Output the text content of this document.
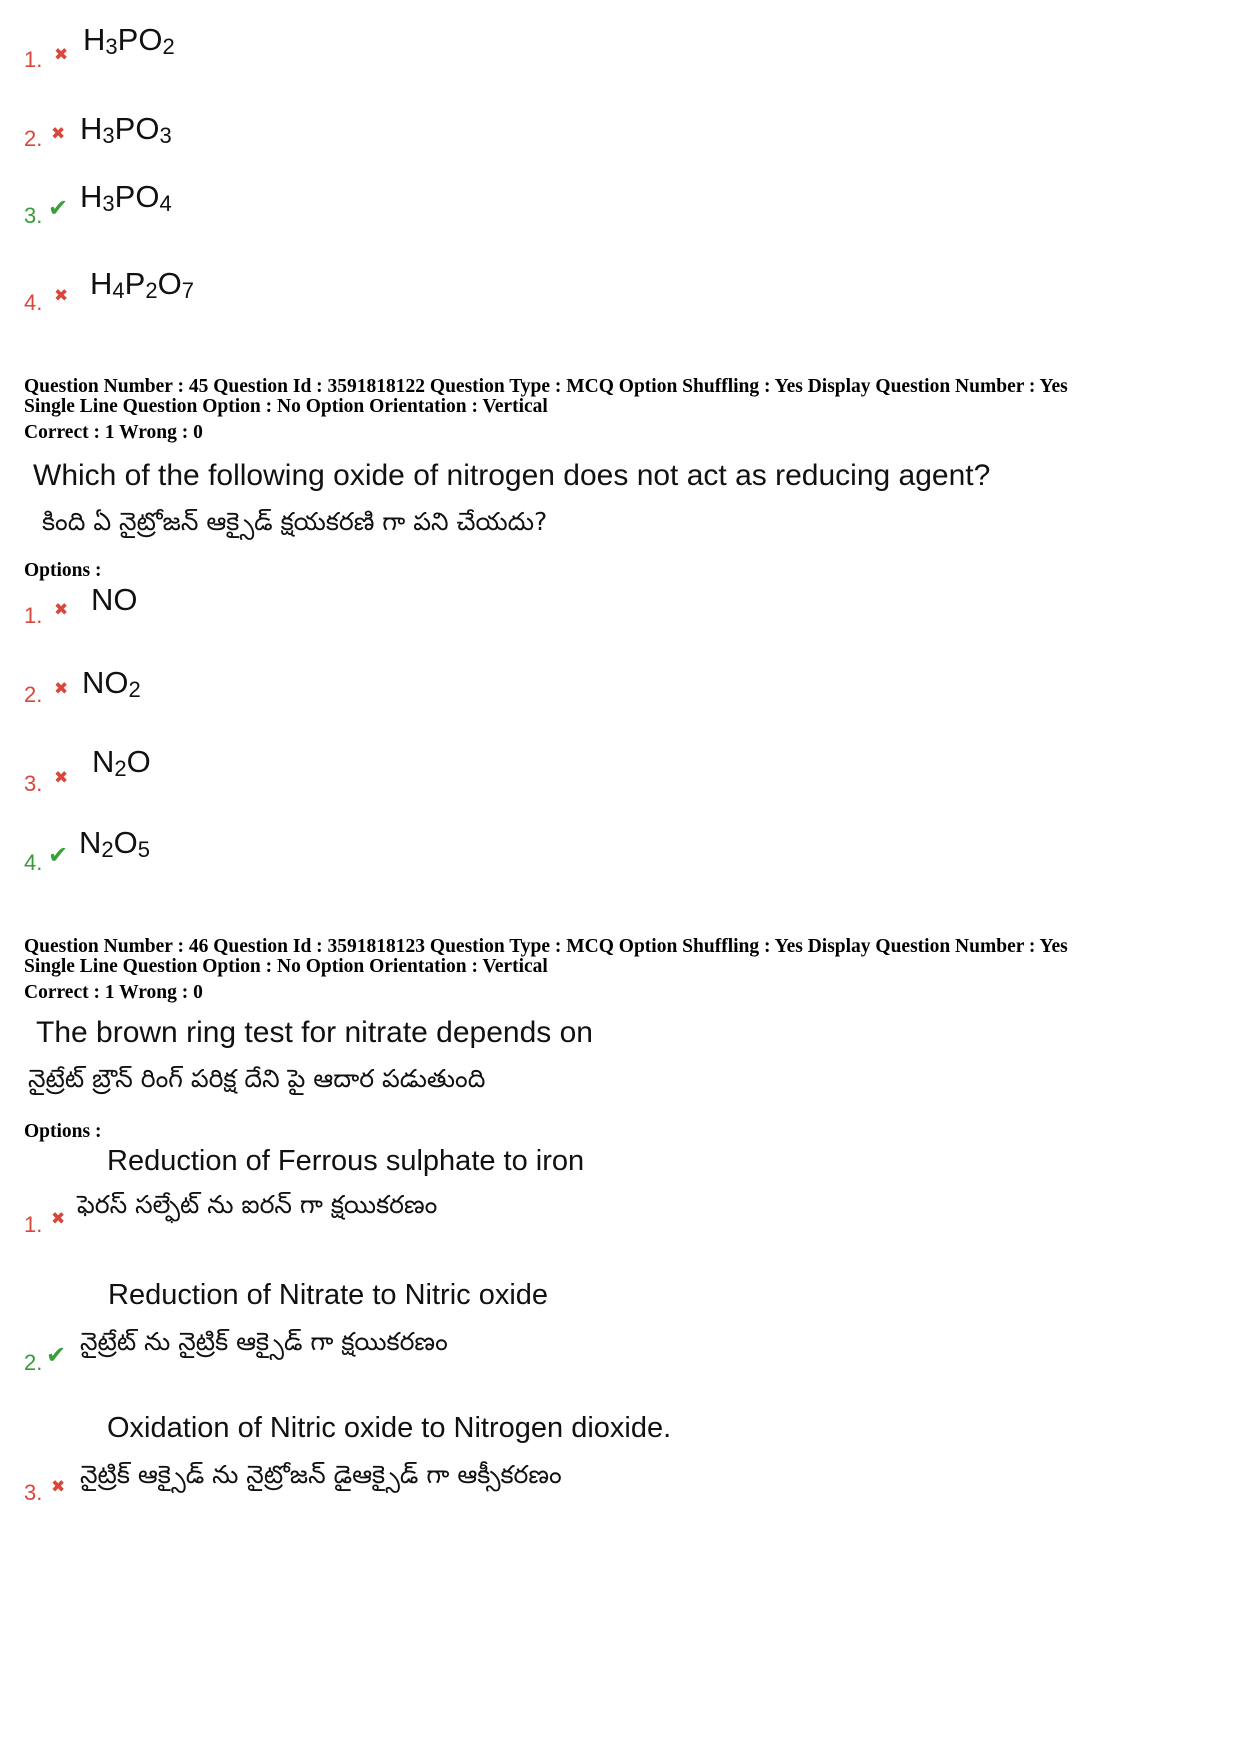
1. ✖ $H_3PO_2$
2. ✖ $H_3PO_3$
3. ✔ $H_3PO_4$
4. ✖ $H_4P_2O_7$
Question Number : 45 Question Id : 3591818122 Question Type : MCQ Option Shuffling : Yes Display Question Number : Yes
Single Line Question Option : No Option Orientation : Vertical
Correct : 1 Wrong : 0
Which of the following oxide of nitrogen does not act as reducing agent?
కింది ఏ నైట్రోజన్ ఆక్సైడ్ క్షయకరణి గా పని చేయదు?
Options :
1. ✖ NO
2. ✖ $NO_2$
3. ✖ $N_2O$
4. ✔ $N_2O_5$
Question Number : 46 Question Id : 3591818123 Question Type : MCQ Option Shuffling : Yes Display Question Number : Yes
Single Line Question Option : No Option Orientation : Vertical
Correct : 1 Wrong : 0
The brown ring test for nitrate depends on
నైట్రేట్ బ్రౌన్ రింగ్ పరిక్ష దేని పై ఆదార పడుతుంది
Options :
Reduction of Ferrous sulphate to iron
ఫెరస్ సల్ఫేట్ ను ఐరన్ గా క్షయికరణం
1. ✖
Reduction of Nitrate to Nitric oxide
నైట్రేట్ ను నైట్రిక్ ఆక్సైడ్ గా క్షయికరణం
2. ✔
Oxidation of Nitric oxide to Nitrogen dioxide.
నైట్రిక్ ఆక్సైడ్ ను నైట్రోజన్ డైఆక్సైడ్ గా ఆక్సీకరణం
3. ✖
